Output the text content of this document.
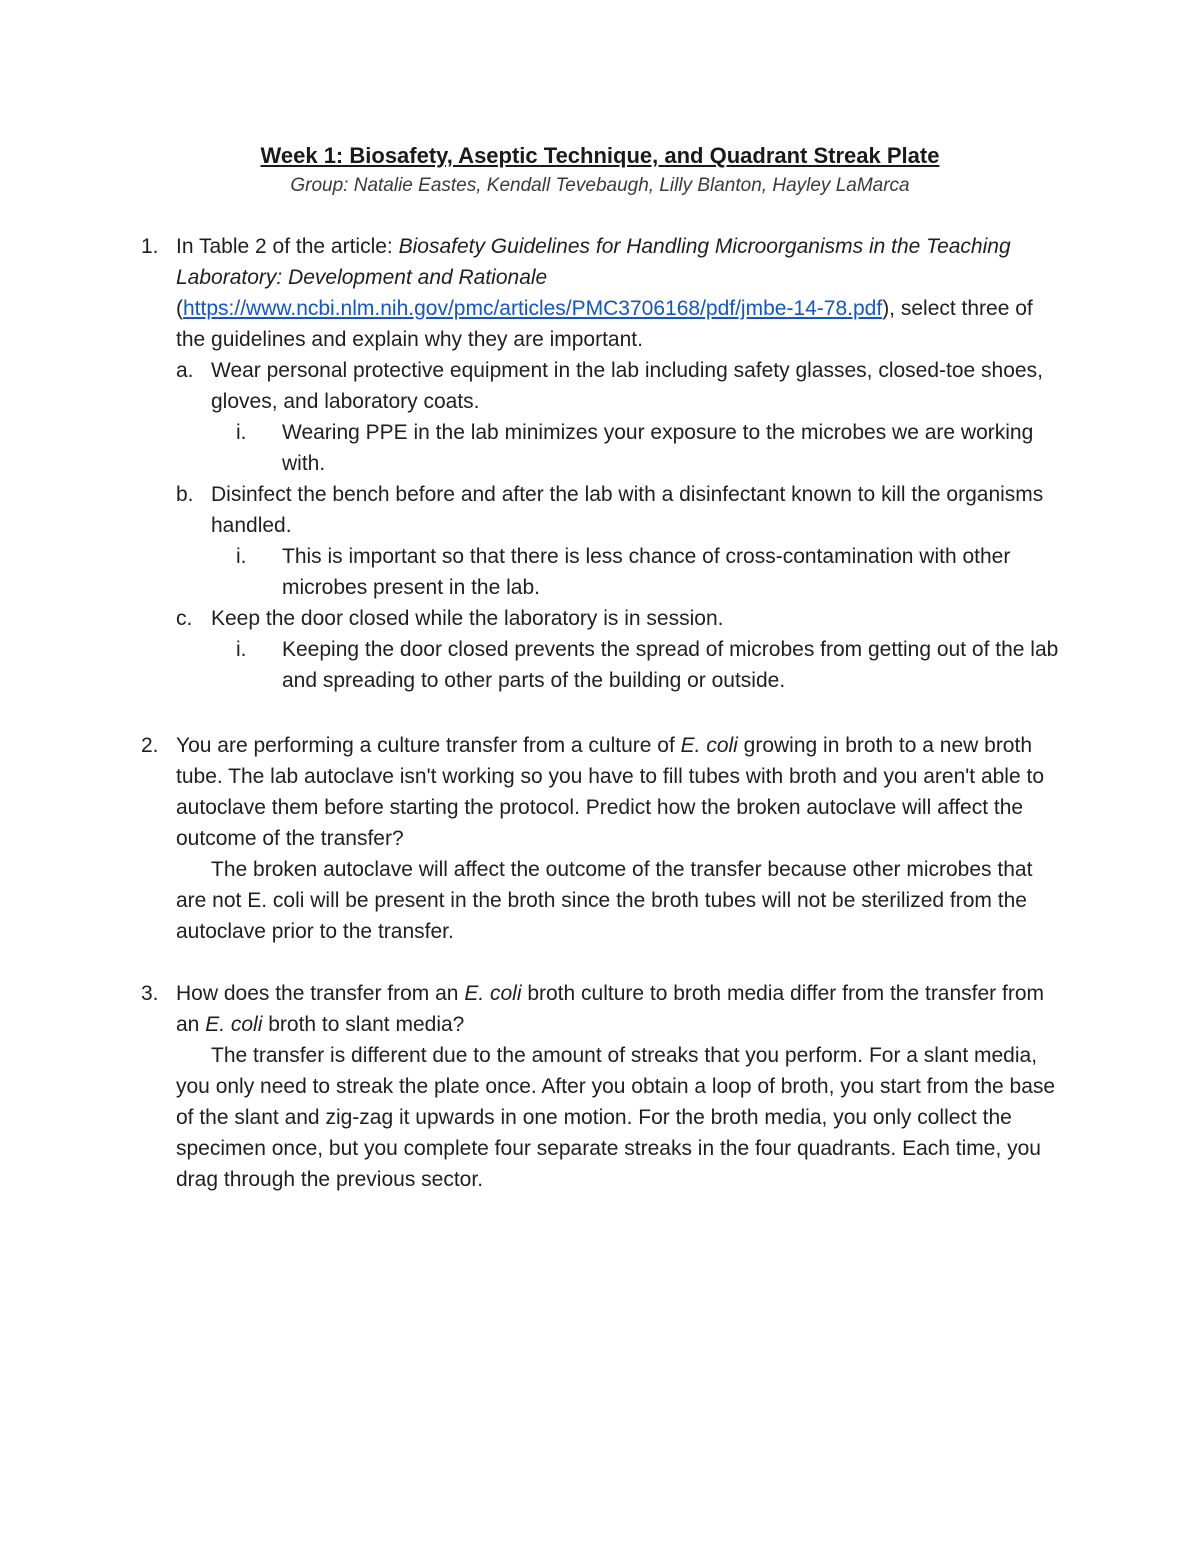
Week 1: Biosafety, Aseptic Technique, and Quadrant Streak Plate
Group: Natalie Eastes, Kendall Tevebaugh, Lilly Blanton, Hayley LaMarca
1. In Table 2 of the article: Biosafety Guidelines for Handling Microorganisms in the Teaching Laboratory: Development and Rationale (https://www.ncbi.nlm.nih.gov/pmc/articles/PMC3706168/pdf/jmbe-14-78.pdf), select three of the guidelines and explain why they are important.

a. Wear personal protective equipment in the lab including safety glasses, closed-toe shoes, gloves, and laboratory coats.

i. Wearing PPE in the lab minimizes your exposure to the microbes we are working with.

b. Disinfect the bench before and after the lab with a disinfectant known to kill the organisms handled.

i. This is important so that there is less chance of cross-contamination with other microbes present in the lab.

c. Keep the door closed while the laboratory is in session.

i. Keeping the door closed prevents the spread of microbes from getting out of the lab and spreading to other parts of the building or outside.

2. You are performing a culture transfer from a culture of E. coli growing in broth to a new broth tube. The lab autoclave isn't working so you have to fill tubes with broth and you aren't able to autoclave them before starting the protocol. Predict how the broken autoclave will affect the outcome of the transfer?

The broken autoclave will affect the outcome of the transfer because other microbes that are not E. coli will be present in the broth since the broth tubes will not be sterilized from the autoclave prior to the transfer.

3. How does the transfer from an E. coli broth culture to broth media differ from the transfer from an E. coli broth to slant media?

The transfer is different due to the amount of streaks that you perform. For a slant media, you only need to streak the plate once. After you obtain a loop of broth, you start from the base of the slant and zig-zag it upwards in one motion. For the broth media, you only collect the specimen once, but you complete four separate streaks in the four quadrants. Each time, you drag through the previous sector.
